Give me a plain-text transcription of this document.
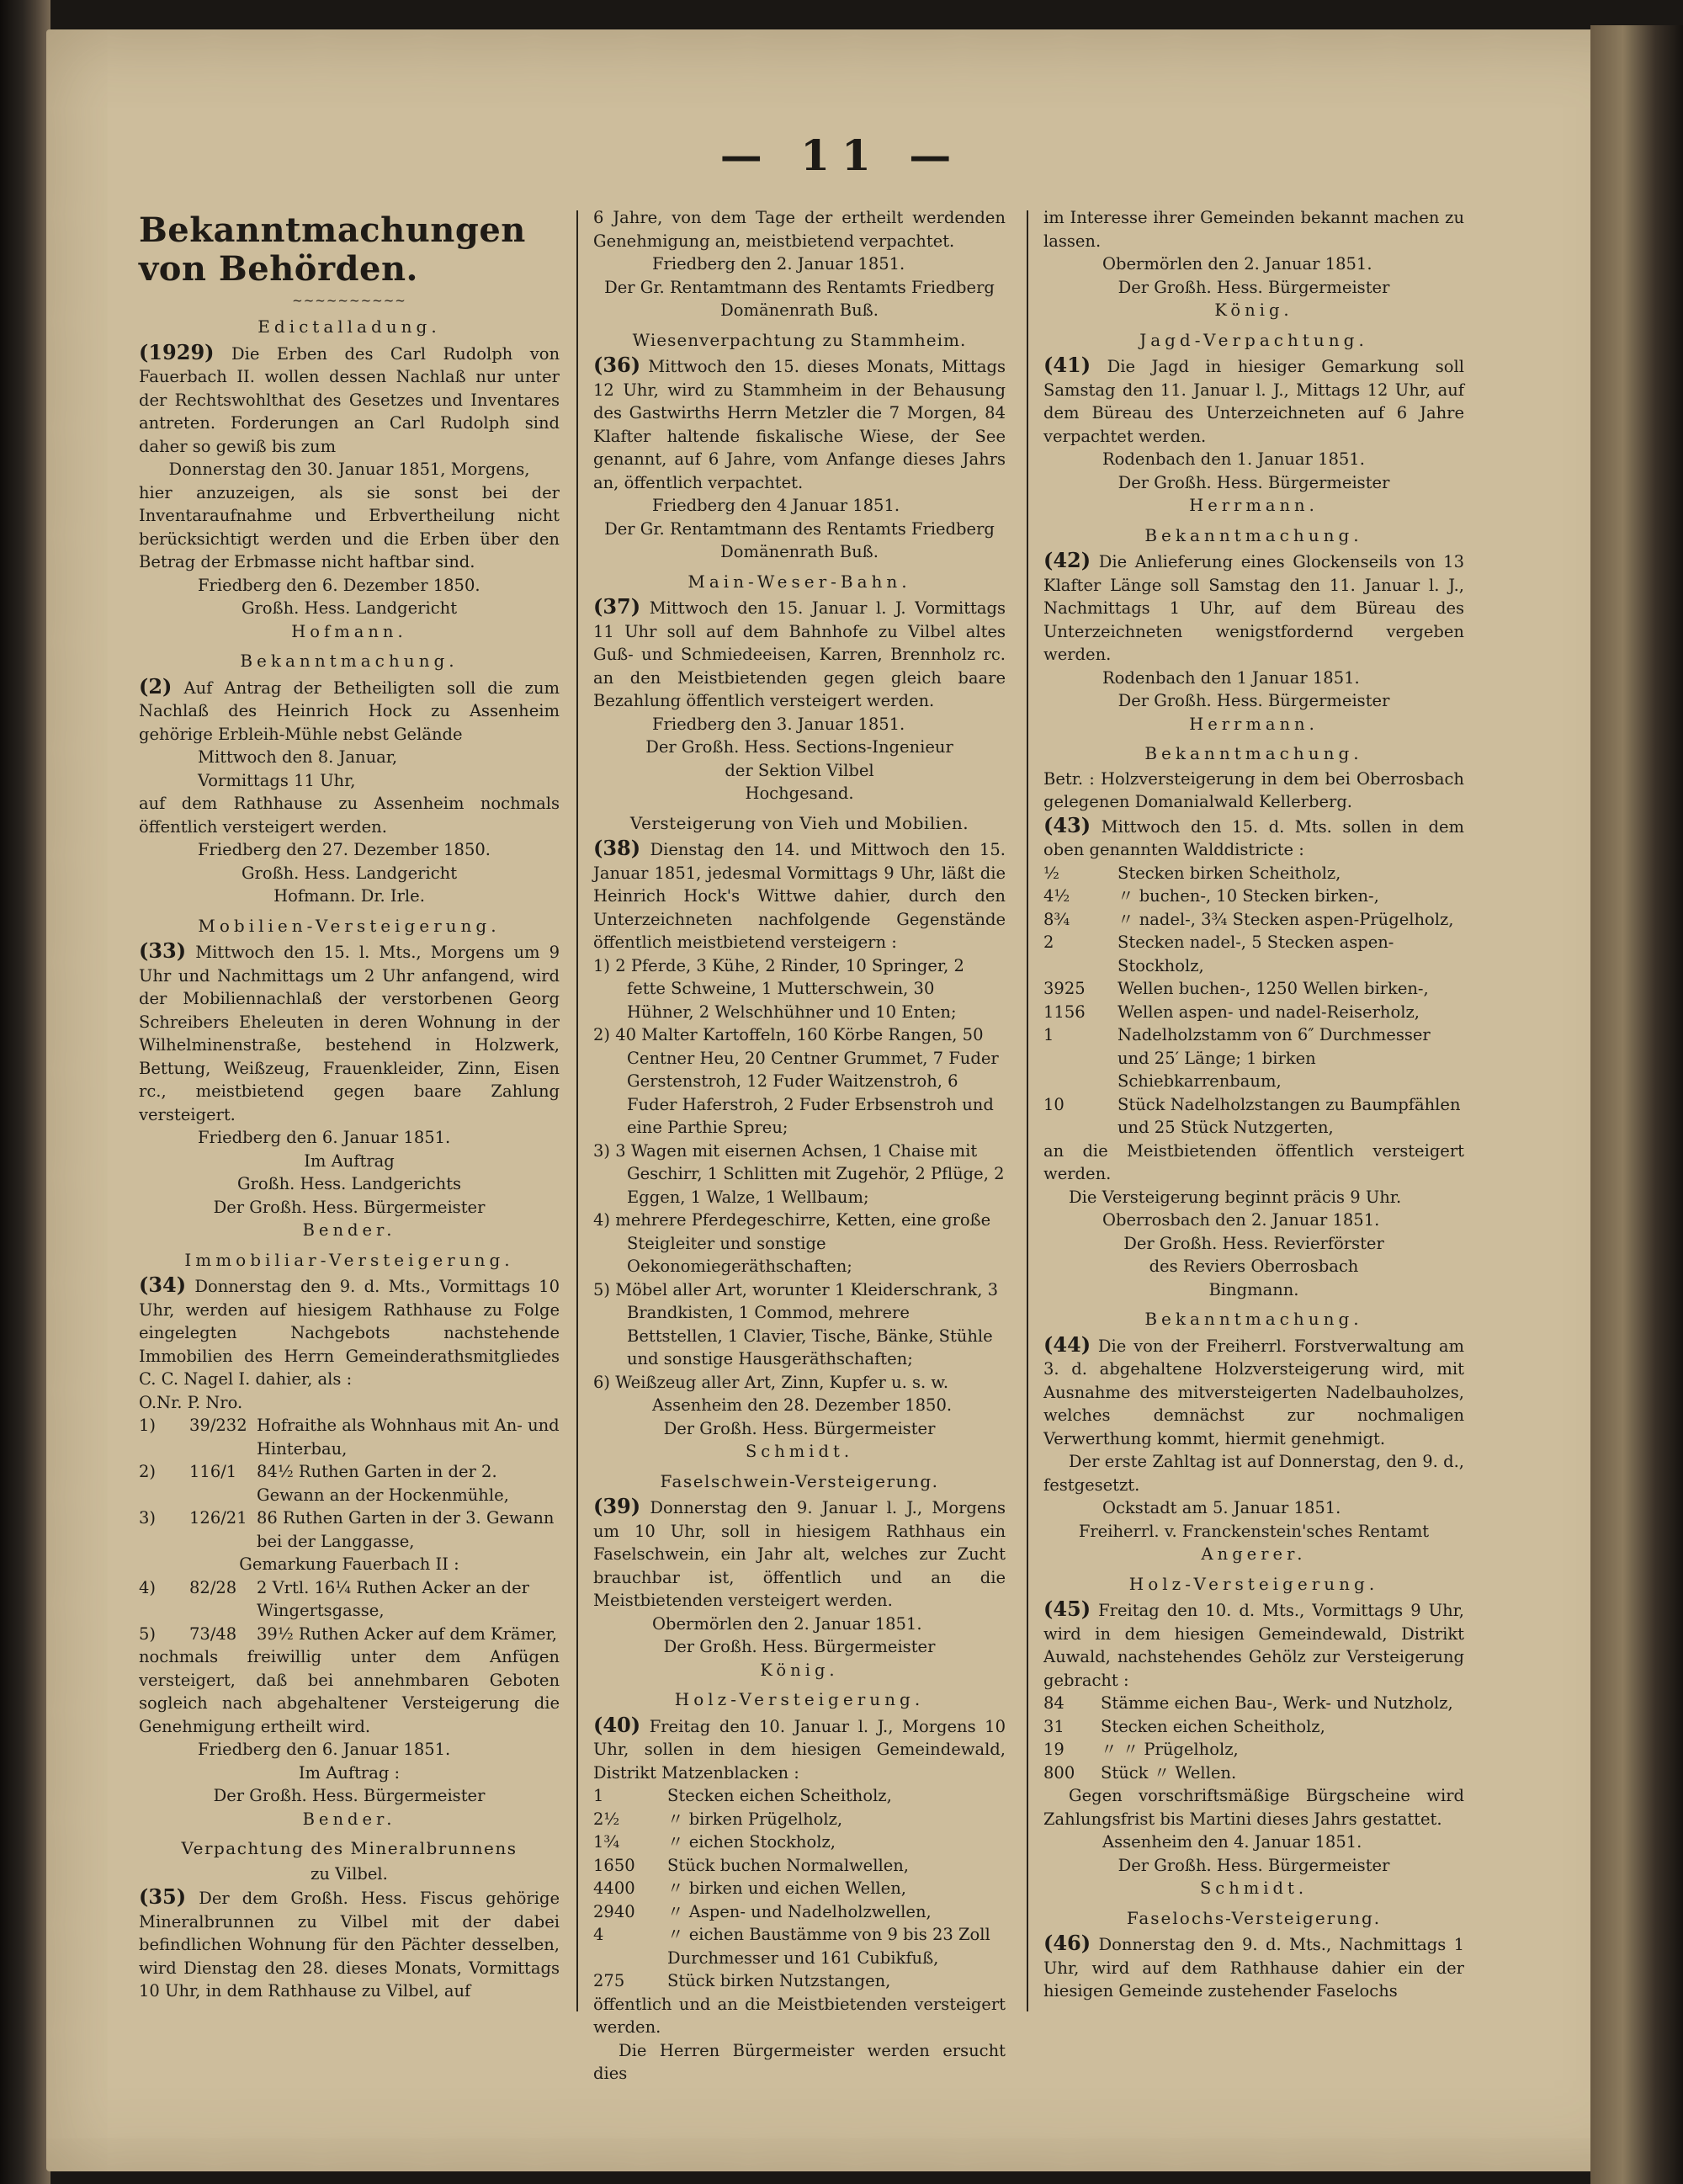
— 11 —
Bekanntmachungen von Behörden.
~~~~~~~~~~
Edictalladung.

(1929) Die Erben des Carl Rudolph von Fauerbach II. wollen dessen Nachlaß nur unter der Rechtswohlthat des Gesetzes und Inventares antreten. Forderungen an Carl Rudolph sind daher so gewiß bis zum

Donnerstag den 30. Januar 1851, Morgens,

hier anzuzeigen, als sie sonst bei der Inventaraufnahme und Erbvertheilung nicht berücksichtigt werden und die Erben über den Betrag der Erbmasse nicht haftbar sind.

Friedberg den 6. Dezember 1850.
Großh. Hess. Landgericht
Hofmann.
Bekanntmachung.

(2) Auf Antrag der Betheiligten soll die zum Nachlaß des Heinrich Hock zu Assenheim gehörige Erbleih-Mühle nebst Gelände

Mittwoch den 8. Januar,
Vormittags 11 Uhr,

auf dem Rathhause zu Assenheim nochmals öffentlich versteigert werden.

Friedberg den 27. Dezember 1850.
Großh. Hess. Landgericht
Hofmann. Dr. Irle.
Mobilien-Versteigerung.

(33) Mittwoch den 15. l. Mts., Morgens um 9 Uhr und Nachmittags um 2 Uhr anfangend, wird der Mobiliennachlaß der verstorbenen Georg Schreibers Eheleuten in deren Wohnung in der Wilhelminenstraße, bestehend in Holzwerk, Bettung, Weißzeug, Frauenkleider, Zinn, Eisen rc., meistbietend gegen baare Zahlung versteigert.

Friedberg den 6. Januar 1851.
Im Auftrag
Großh. Hess. Landgerichts
Der Großh. Hess. Bürgermeister
Bender.
Immobiliar-Versteigerung.

(34) Donnerstag den 9. d. Mts., Vormittags 10 Uhr, werden auf hiesigem Rathhause zu Folge eingelegten Nachgebots nachstehende Immobilien des Herrn Gemeinderathsmitgliedes C. C. Nagel I. dahier, als :

O.Nr. P. Nro.
1)	39/232 Hofraithe als Wohnhaus mit An- und Hinterbau,
2)	116/1	84½ Ruthen Garten in der 2. Gewann an der Hockenmühle,
3)	126/21 86 Ruthen Garten in der 3. Gewann bei der Langgasse,
Gemarkung Fauerbach II :
4)	82/28	2 Vrtl. 16¼ Ruthen Acker an der Wingertsgasse,
5)	73/48	39½ Ruthen Acker auf dem Krämer,

nochmals freiwillig unter dem Anfügen versteigert, daß bei annehmbaren Geboten sogleich nach abgehaltener Versteigerung die Genehmigung ertheilt wird.

Friedberg den 6. Januar 1851.
Im Auftrag :
Der Großh. Hess. Bürgermeister
Bender.
Verpachtung des Mineralbrunnens
zu Vilbel.

(35) Der dem Großh. Hess. Fiscus gehörige Mineralbrunnen zu Vilbel mit der dabei befindlichen Wohnung für den Pächter desselben, wird Dienstag den 28. dieses Monats, Vormittags 10 Uhr, in dem Rathhause zu Vilbel, auf

6 Jahre, von dem Tage der ertheilt werdenden Genehmigung an, meistbietend verpachtet.

Friedberg den 2. Januar 1851.
Der Gr. Rentamtmann des Rentamts Friedberg
Domänenrath Buß.
Wiesenverpachtung zu Stammheim.

(36) Mittwoch den 15. dieses Monats, Mittags 12 Uhr, wird zu Stammheim in der Behausung des Gastwirths Herrn Metzler die 7 Morgen, 84 Klafter haltende fiskalische Wiese, der See genannt, auf 6 Jahre, vom Anfange dieses Jahrs an, öffentlich verpachtet.

Friedberg den 4 Januar 1851.
Der Gr. Rentamtmann des Rentamts Friedberg
Domänenrath Buß.
Main-Weser-Bahn.

(37) Mittwoch den 15. Januar l. J. Vormittags 11 Uhr soll auf dem Bahnhofe zu Vilbel altes Guß- und Schmiedeeisen, Karren, Brennholz rc. an den Meistbietenden gegen gleich baare Bezahlung öffentlich versteigert werden.

Friedberg den 3. Januar 1851.
Der Großh. Hess. Sections-Ingenieur
der Sektion Vilbel
Hochgesand.
Versteigerung von Vieh und Mobilien.

(38) Dienstag den 14. und Mittwoch den 15. Januar 1851, jedesmal Vormittags 9 Uhr, läßt die Heinrich Hock's Wittwe dahier, durch den Unterzeichneten nachfolgende Gegenstände öffentlich meistbietend versteigern :

1) 2 Pferde, 3 Kühe, 2 Rinder, 10 Springer, 2 fette Schweine, 1 Mutterschwein, 30 Hühner, 2 Welschhühner und 10 Enten;
2) 40 Malter Kartoffeln, 160 Körbe Rangen, 50 Centner Heu, 20 Centner Grummet, 7 Fuder Gerstenstroh, 12 Fuder Waitzenstroh, 6 Fuder Haferstroh, 2 Fuder Erbsenstroh und eine Parthie Spreu;
3) 3 Wagen mit eisernen Achsen, 1 Chaise mit Geschirr, 1 Schlitten mit Zugehör, 2 Pflüge, 2 Eggen, 1 Walze, 1 Wellbaum;
4) mehrere Pferdegeschirre, Ketten, eine große Steigleiter und sonstige Oekonomiegeräthschaften;
5) Möbel aller Art, worunter 1 Kleiderschrank, 3 Brandkisten, 1 Commod, mehrere Bettstellen, 1 Clavier, Tische, Bänke, Stühle und sonstige Hausgeräthschaften;
6) Weißzeug aller Art, Zinn, Kupfer u. s. w.
Assenheim den 28. Dezember 1850.
Der Großh. Hess. Bürgermeister
Schmidt.
Faselschwein-Versteigerung.

(39) Donnerstag den 9. Januar l. J., Morgens um 10 Uhr, soll in hiesigem Rathhaus ein Faselschwein, ein Jahr alt, welches zur Zucht brauchbar ist, öffentlich und an die Meistbietenden versteigert werden.

Obermörlen den 2. Januar 1851.
Der Großh. Hess. Bürgermeister
König.
Holz-Versteigerung.

(40) Freitag den 10. Januar l. J., Morgens 10 Uhr, sollen in dem hiesigen Gemeindewald, Distrikt Matzenblacken :

1	Stecken eichen Scheitholz,
2½	〃 birken Prügelholz,
1¾	〃 eichen Stockholz,
1650	Stück buchen Normalwellen,
4400	〃 birken und eichen Wellen,
2940	〃 Aspen- und Nadelholzwellen,
4	〃 eichen Baustämme von 9 bis 23 Zoll Durchmesser und 161 Cubikfuß,
275	Stück birken Nutzstangen,

öffentlich und an die Meistbietenden versteigert werden.

Die Herren Bürgermeister werden ersucht dies

im Interesse ihrer Gemeinden bekannt machen zu lassen.

Obermörlen den 2. Januar 1851.
Der Großh. Hess. Bürgermeister
König.
Jagd-Verpachtung.

(41) Die Jagd in hiesiger Gemarkung soll Samstag den 11. Januar l. J., Mittags 12 Uhr, auf dem Büreau des Unterzeichneten auf 6 Jahre verpachtet werden.

Rodenbach den 1. Januar 1851.
Der Großh. Hess. Bürgermeister
Herrmann.
Bekanntmachung.

(42) Die Anlieferung eines Glockenseils von 13 Klafter Länge soll Samstag den 11. Januar l. J., Nachmittags 1 Uhr, auf dem Büreau des Unterzeichneten wenigstfordernd vergeben werden.

Rodenbach den 1 Januar 1851.
Der Großh. Hess. Bürgermeister
Herrmann.
Bekanntmachung.

Betr. : Holzversteigerung in dem bei Oberrosbach gelegenen Domanialwald Kellerberg.

(43) Mittwoch den 15. d. Mts. sollen in dem oben genannten Walddistricte :

½	Stecken birken Scheitholz,
4½	〃 buchen-, 10 Stecken birken-,
8¾	〃 nadel-, 3¾ Stecken aspen-Prügelholz,
2	Stecken nadel-, 5 Stecken aspen-Stockholz,
3925	Wellen buchen-, 1250 Wellen birken-,
1156	Wellen aspen- und nadel-Reiserholz,
1	Nadelholzstamm von 6″ Durchmesser und 25′ Länge; 1 birken Schiebkarrenbaum,
10	Stück Nadelholzstangen zu Baumpfählen und 25 Stück Nutzgerten,

an die Meistbietenden öffentlich versteigert werden.

Die Versteigerung beginnt präcis 9 Uhr.

Oberrosbach den 2. Januar 1851.
Der Großh. Hess. Revierförster
des Reviers Oberrosbach
Bingmann.
Bekanntmachung.

(44) Die von der Freiherrl. Forstverwaltung am 3. d. abgehaltene Holzversteigerung wird, mit Ausnahme des mitversteigerten Nadelbauholzes, welches demnächst zur nochmaligen Verwerthung kommt, hiermit genehmigt.

Der erste Zahltag ist auf Donnerstag, den 9. d., festgesetzt.

Ockstadt am 5. Januar 1851.
Freiherrl. v. Franckenstein'sches Rentamt
Angerer.
Holz-Versteigerung.

(45) Freitag den 10. d. Mts., Vormittags 9 Uhr, wird in dem hiesigen Gemeindewald, Distrikt Auwald, nachstehendes Gehölz zur Versteigerung gebracht :

84	Stämme eichen Bau-, Werk- und Nutzholz,
31	Stecken eichen Scheitholz,
19	〃 〃 Prügelholz,
800	Stück 〃 Wellen.

Gegen vorschriftsmäßige Bürgscheine wird Zahlungsfrist bis Martini dieses Jahrs gestattet.

Assenheim den 4. Januar 1851.
Der Großh. Hess. Bürgermeister
Schmidt.
Faselochs-Versteigerung.

(46) Donnerstag den 9. d. Mts., Nachmittags 1 Uhr, wird auf dem Rathhause dahier ein der hiesigen Gemeinde zustehender Faselochs
